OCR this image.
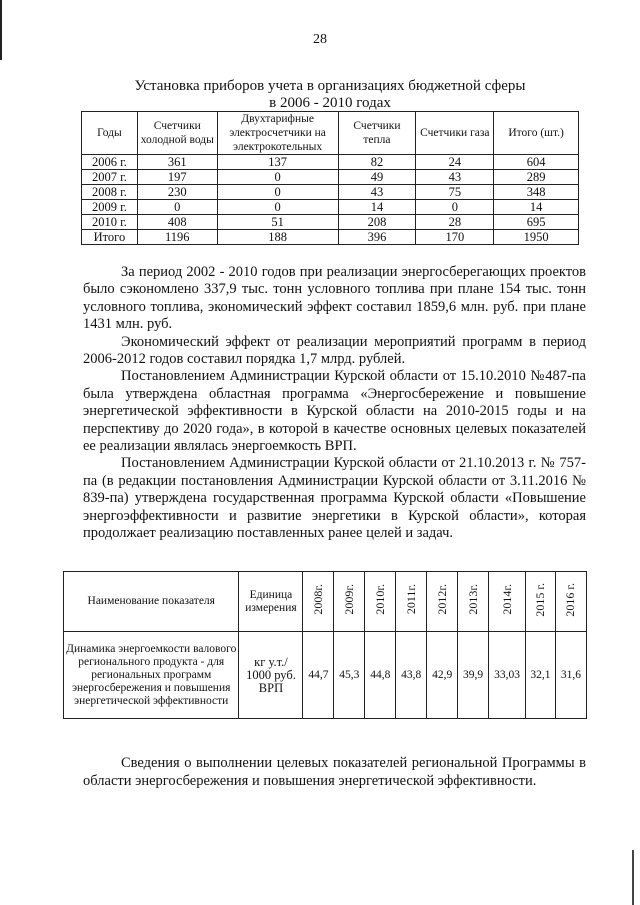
28
Установка приборов учета в организациях бюджетной сферы
в 2006 - 2010 годах
Годы	Счетчики холодной воды	Двухтарифные электросчетчики на электрокотельных	Счетчики тепла	Счетчики газа	Итого (шт.)
2006 г.	361	137	82	24	604
2007 г.	197	0	49	43	289
2008 г.	230	0	43	75	348
2009 г.	0	0	14	0	14
2010 г.	408	51	208	28	695
Итого	1196	188	396	170	1950

За период 2002 - 2010 годов при реализации энергосберегающих проектов было сэкономлено 337,9 тыс. тонн условного топлива при плане 154 тыс. тонн условного топлива, экономический эффект составил 1859,6 млн. руб. при плане 1431 млн. руб.

Экономический эффект от реализации мероприятий программ в период 2006-2012 годов составил порядка 1,7 млрд. рублей.

Постановлением Администрации Курской области от 15.10.2010 №487-па была утверждена областная программа «Энергосбережение и повышение энергетической эффективности в Курской области на 2010-2015 годы и на перспективу до 2020 года», в которой в качестве основных целевых показателей ее реализации являлась энергоемкость ВРП.

Постановлением Администрации Курской области от 21.10.2013 г. № 757-па (в редакции постановления Администрации Курской области от 3.11.2016 № 839-па) утверждена государственная программа Курской области «Повышение энергоэффективности и развитие энергетики в Курской области», которая продолжает реализацию поставленных ранее целей и задач.

Наименование показателя	Единица измерения	2008г.	2009г.	2010г.	2011г.	2012г.	2013г.	2014г.	2015 г.	2016 г.
Динамика энергоемкости валового регионального продукта - для региональных программ энергосбережения и повышения энергетической эффективности	кг у.т./ 1000 руб. ВРП	44,7	45,3	44,8	43,8	42,9	39,9	33,03	32,1	31,6

Сведения о выполнении целевых показателей региональной Программы в области энергосбережения и повышения энергетической эффективности.
